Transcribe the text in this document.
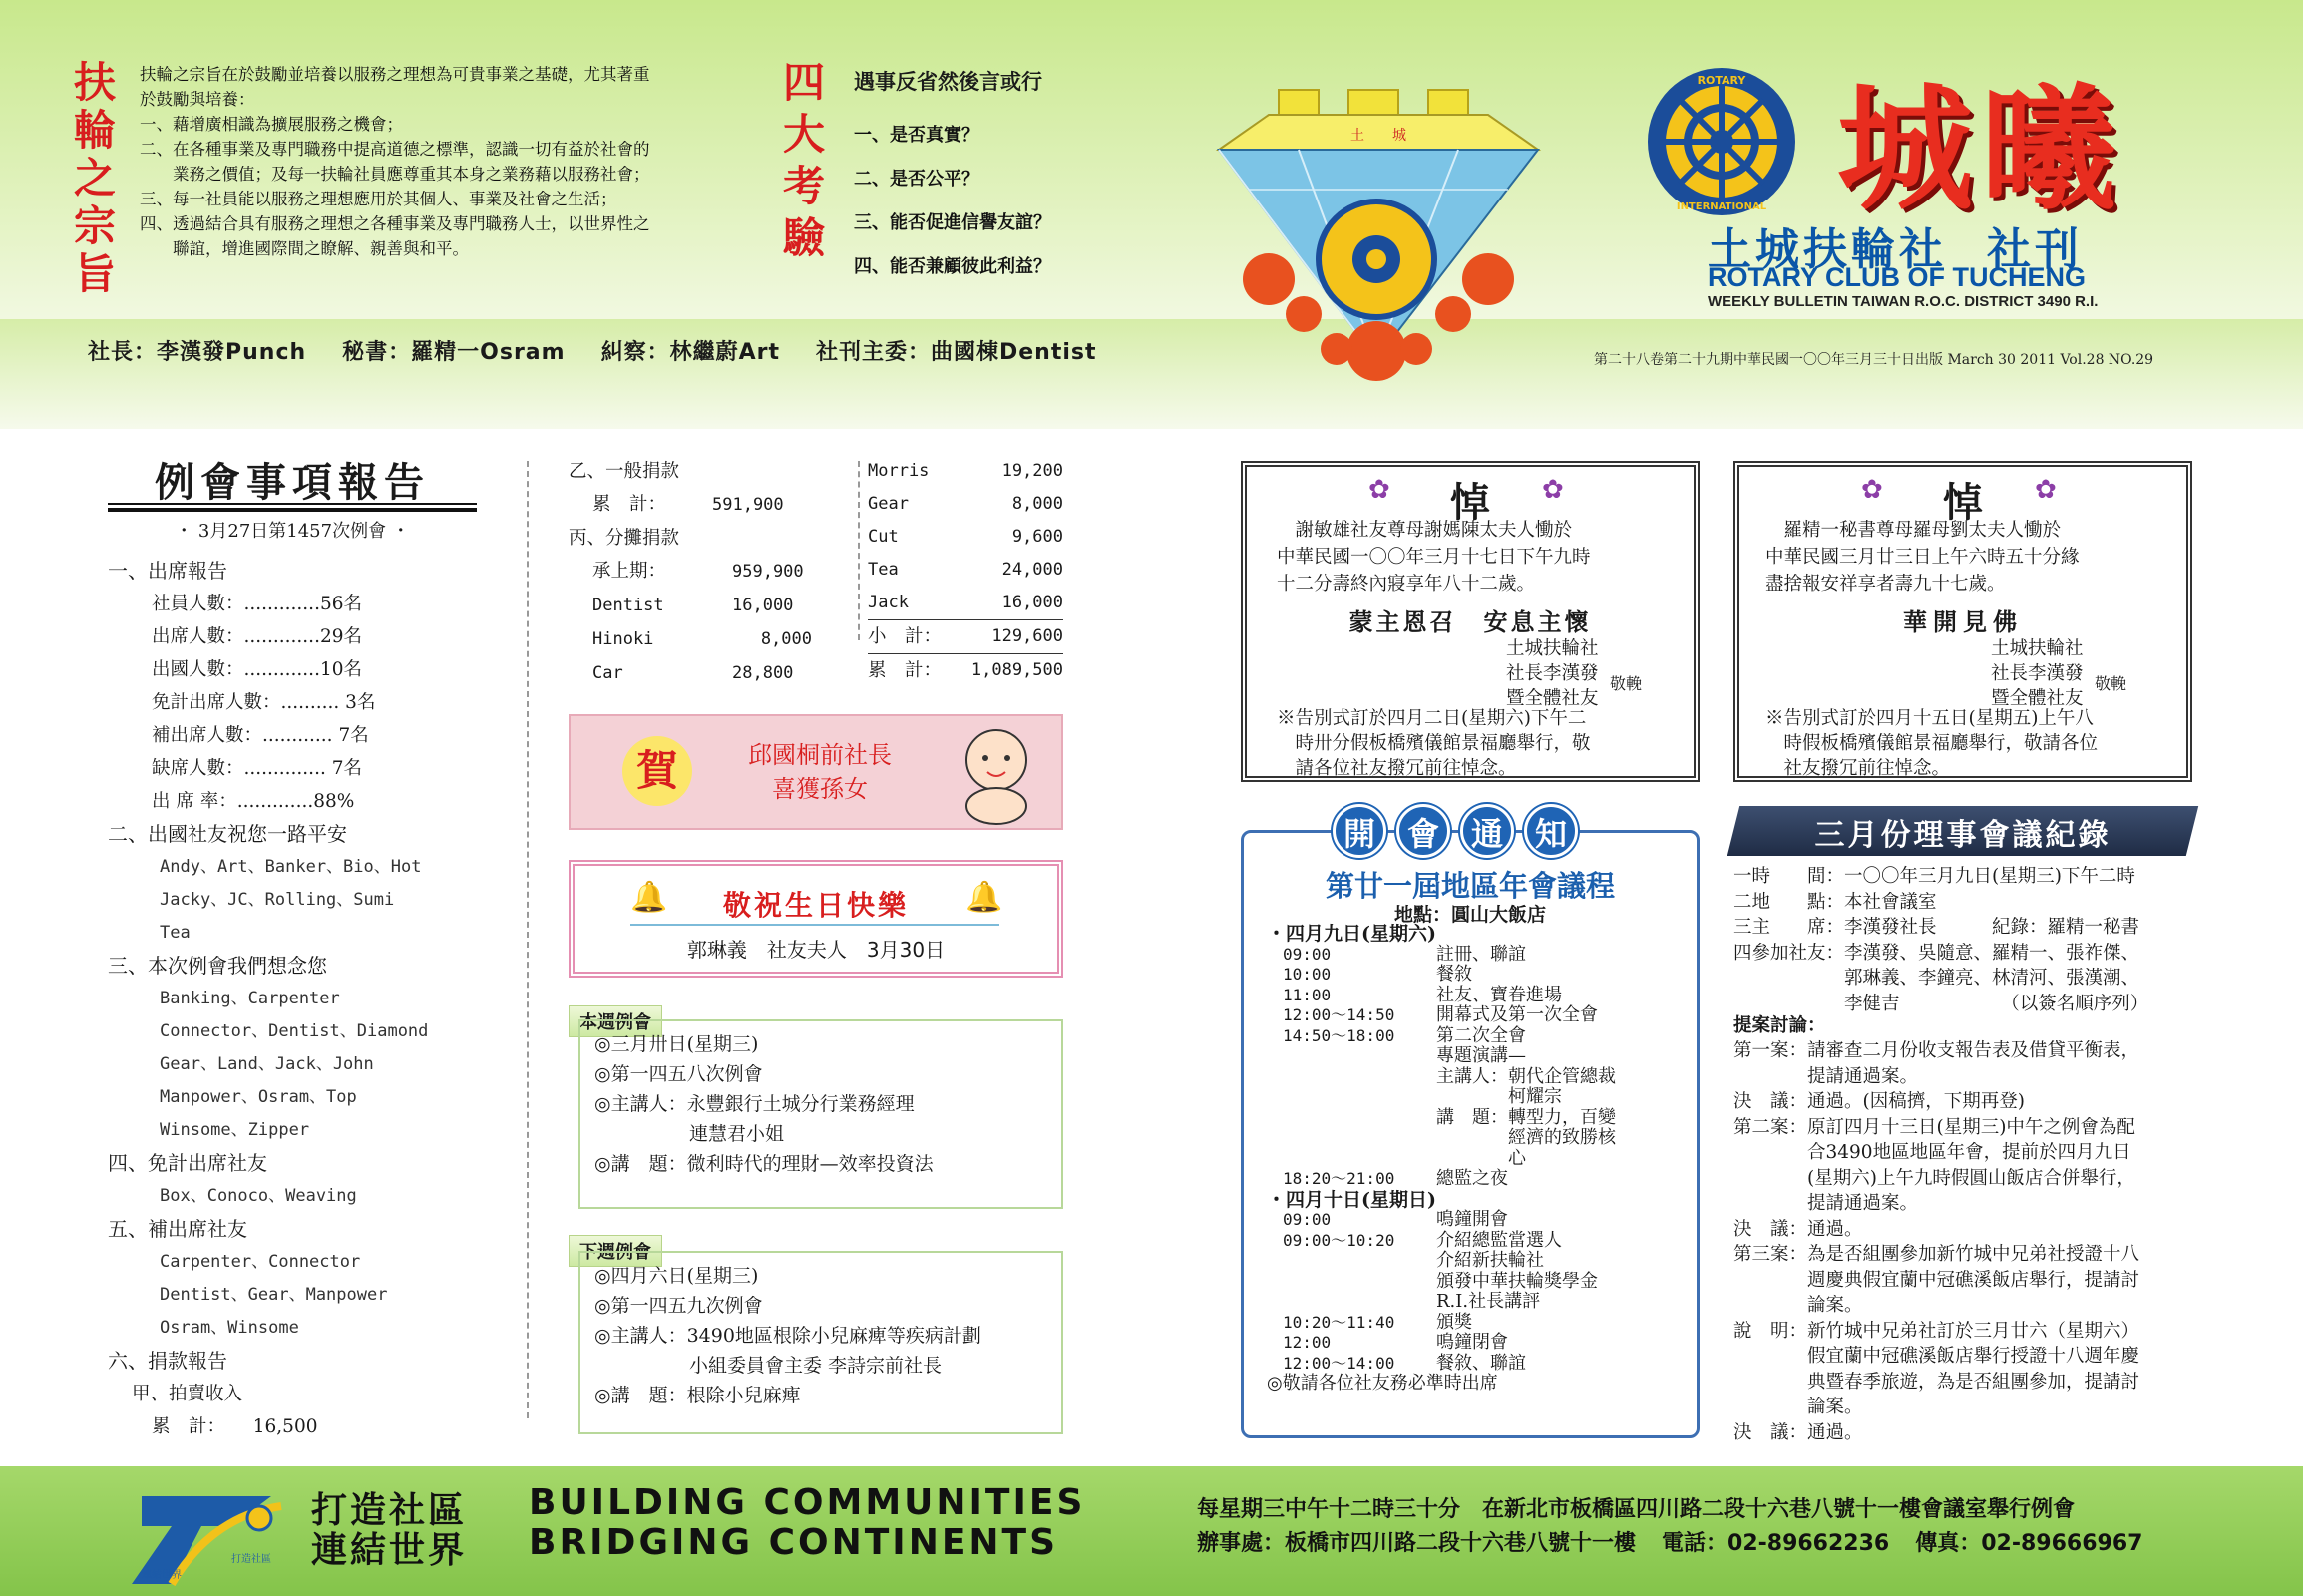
扶輪之宗旨	扶輪之宗旨在於鼓勵並培養以服務之理想為可貴事業之基礎，尤其著重
於鼓勵與培養：
一、藉增廣相識為擴展服務之機會；
二、在各種事業及專門職務中提高道德之標準，認識一切有益於社會的
　　業務之價值；及每一扶輪社員應尊重其本身之業務藉以服務社會；
三、每一社員能以服務之理想應用於其個人、事業及社會之生活；
四、透過結合具有服務之理想之各種事業及專門職務人士，以世界性之
　　聯誼，增進國際間之瞭解、親善與和平。	四大考驗 遇事反省然後言或行
一、是否真實？
二、是否公平？
三、能否促進信譽友誼？
四、能否兼顧彼此利益？
社長：李漢發Punch 秘書：羅精一Osram 糾察：林繼蔚Art 社刊主委：曲國棟Dentist
土　　城
ROTARY
INTERNATIONAL 城曦
土城扶輪社 社刊
ROTARY CLUB OF TUCHENG
WEEKLY BULLETIN TAIWAN R.O.C. DISTRICT 3490 R.I.
第二十八卷第二十九期中華民國一〇〇年三月三十日出版 March 30 2011 Vol.28 NO.29
例會事項報告
・ 3月27日第1457次例會 ・
一、出席報告
社員人數：.............56名
出席人數：.............29名
出國人數：.............10名
免計出席人數：.......... 3名
補出席人數：............ 7名
缺席人數：.............. 7名
出 席 率：.............88%
二、出國社友祝您一路平安
Andy、Art、Banker、Bio、Hot
Jacky、JC、Rolling、Sumi
Tea
三、本次例會我們想念您
Banking、Carpenter
Connector、Dentist、Diamond
Gear、Land、Jack、John
Manpower、Osram、Top
Winsome、Zipper
四、免計出席社友
Box、Conoco、Weaving
五、補出席社友
Carpenter、Connector
Dentist、Gear、Manpower
Osram、Winsome
六、捐款報告
甲、拍賣收入
累　計：　　16,500
乙、一般捐款
累　計：	591,900
丙、分攤捐款
承上期：	959,900
Dentist	16,000
Hinoki	8,000
Car	28,800
Morris	19,200
Gear	8,000
Cut	9,600
Tea	24,000
Jack	16,000
小　計：	129,600
累　計： 1,089,500
賀	邱國桐前社長
喜獲孫女
敬祝生日快樂
郭琳義　社友夫人　3月30日
🔔	🔔
本週例會
◎三月卅日(星期三)
◎第一四五八次例會
◎主講人：永豐銀行土城分行業務經理
　　　　　連慧君小姐
◎講　題：微利時代的理財—效率投資法
下週例會
◎四月六日(星期三)
◎第一四五九次例會
◎主講人：3490地區根除小兒麻痺等疾病計劃
　　　　　小組委員會主委 李詩宗前社長
◎講　題：根除小兒麻痺
悼
✿	✿
　謝敏雄社友尊母謝媽陳太夫人慟於
中華民國一〇〇年三月十七日下午九時
十二分壽終內寢享年八十二歲。
蒙主恩召　安息主懷
土城扶輪社
社長李漢發
暨全體社友
敬輓
※告別式訂於四月二日(星期六)下午二
　時卅分假板橋殯儀館景福廳舉行，敬
　請各位社友撥冗前往悼念。
悼
✿	✿
　羅精一秘書尊母羅母劉太夫人慟於
中華民國三月廿三日上午六時五十分緣
盡捨報安祥享者壽九十七歲。
華開見佛
土城扶輪社
社長李漢發
暨全體社友
敬輓
※告別式訂於四月十五日(星期五)上午八
　時假板橋殯儀館景福廳舉行，敬請各位
　社友撥冗前往悼念。
開 會 通 知
第廿一屆地區年會議程
地點：圓山大飯店
・四月九日(星期六)
09:00	註冊、聯誼
10:00	餐敘
11:00	社友、寶眷進場
12:00～14:50	開幕式及第一次全會
14:50～18:00	第二次全會
專題演講—
主講人：朝代企管總裁
　　　　柯耀宗
講　題：轉型力，百變
　　　　經濟的致勝核
　　　　心
18:20～21:00	總監之夜
・四月十日(星期日)
09:00	鳴鐘開會
09:00～10:20	介紹總監當選人
介紹新扶輪社
頒發中華扶輪獎學金
R.I.社長講評
10:20～11:40	頒獎
12:00	鳴鐘閉會
12:00～14:00	餐敘、聯誼
◎敬請各位社友務必準時出席
三月份理事會議紀錄
一時　　間：一〇〇年三月九日(星期三)下午二時
二地　　點：本社會議室
三主　　席：李漢發社長　　　紀錄：羅精一秘書
四參加社友：李漢發、吳隨意、羅精一、張祚傑、
　　　　　　郭琳義、李鐘亮、林清河、張漢潮、
　　　　　　李健吉　　　　　　（以簽名順序列）
提案討論：
第一案：請審查二月份收支報告表及借貸平衡表，
　　　　提請通過案。
決　議：通過。(因稿擠，下期再登)
第二案：原訂四月十三日(星期三)中午之例會為配
　　　　合3490地區地區年會，提前於四月九日
　　　　(星期六)上午九時假圓山飯店合併舉行，
　　　　提請通過案。
決　議：通過。
第三案：為是否組團參加新竹城中兄弟社授證十八
　　　　週慶典假宜蘭中冠礁溪飯店舉行，提請討
　　　　論案。
說　明：新竹城中兄弟社訂於三月廿六（星期六）
　　　　假宜蘭中冠礁溪飯店舉行授證十八週年慶
　　　　典暨春季旅遊，為是否組團參加，提請討
　　　　論案。
決　議：通過。
打造社區
連結世界
打造社區
連結世界
BUILDING COMMUNITIES
BRIDGING CONTINENTS
每星期三中午十二時三十分　在新北市板橋區四川路二段十六巷八號十一樓會議室舉行例會
辦事處：板橋市四川路二段十六巷八號十一樓 電話：02-89662236 傳真：02-89666967
